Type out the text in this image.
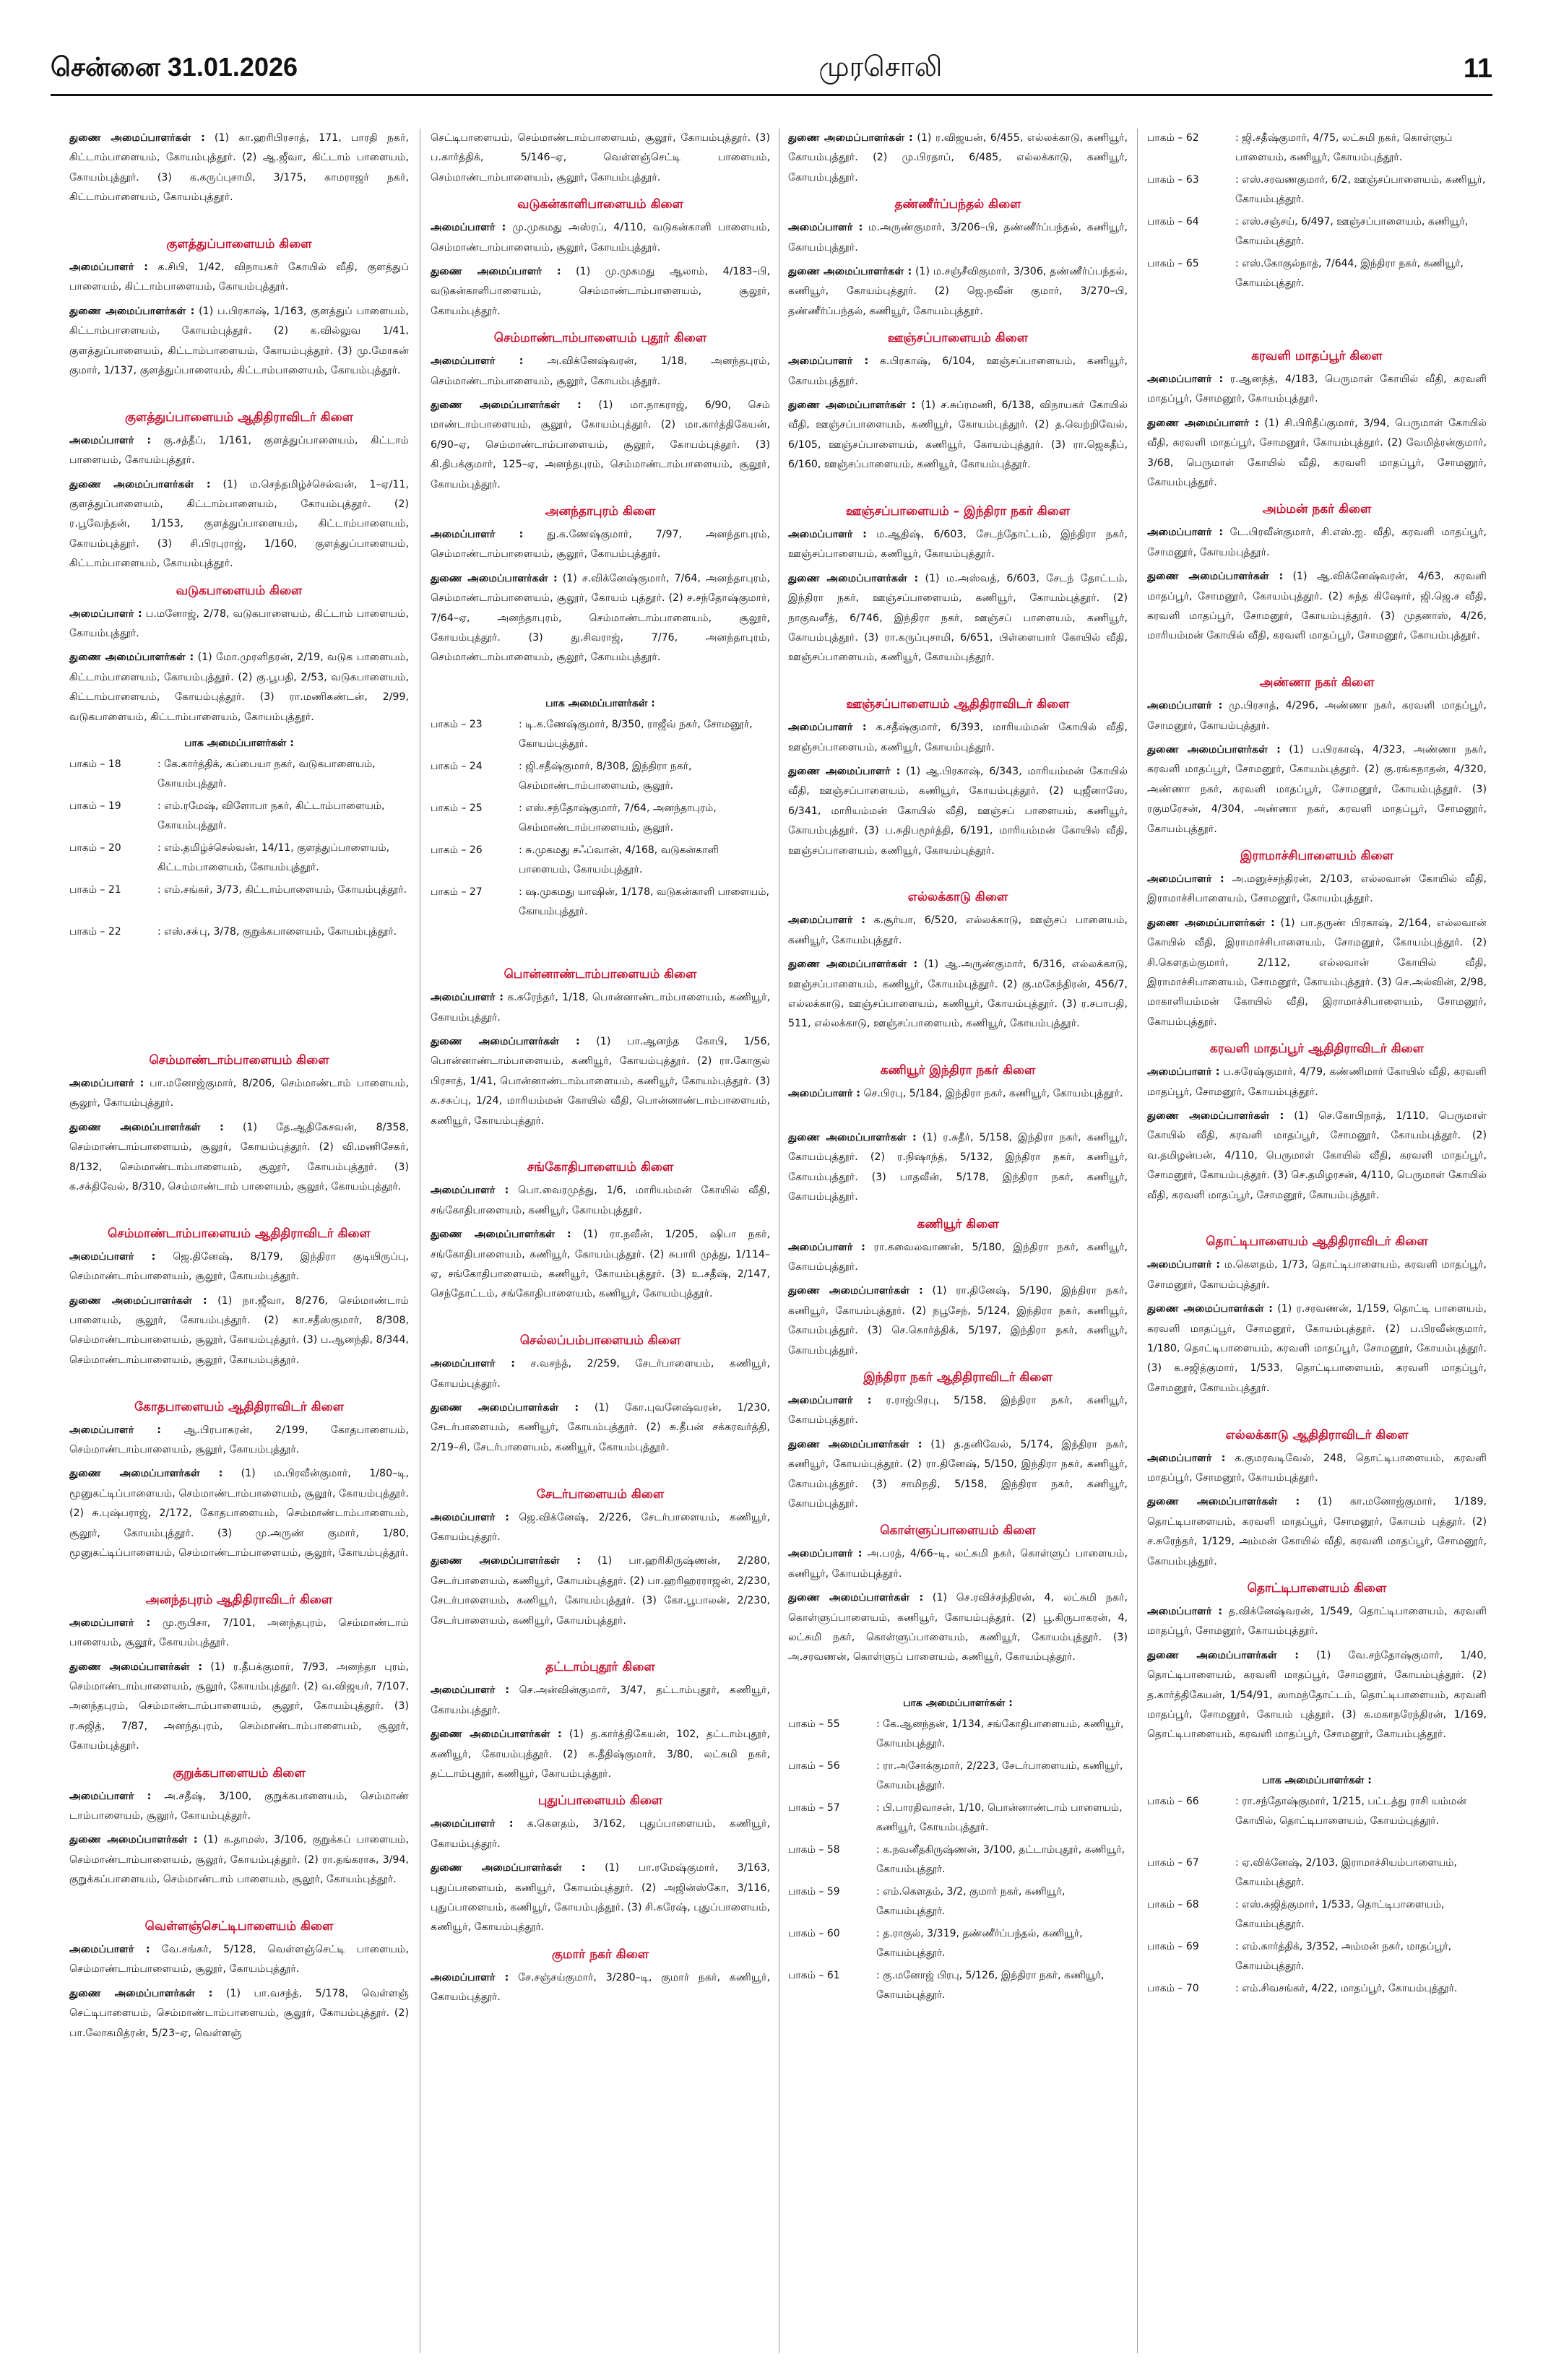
சென்னை 31.01.2026	முரசொலி	11

துணை அமைப்பாளர்கள் : (1) கா.ஹரிபிரசாத், 171, பாரதி நகர், கிட்டாம்பாளையம், கோயம்புத்தூர். (2) ஆ.ஜீவா, கிட்டாம் பாளையம், கோயம்புத்தூர். (3) க.கருப்புசாமி, 3/175, காமராஜர் நகர், கிட்டாம்பாளையம், கோயம்புத்தூர்.

குளத்துப்பாளையம் கிளை

அமைப்பாளர் : க.சிபி, 1/42, விநாயகர் கோயில் வீதி, குளத்துப் பாளையம், கிட்டாம்பாளையம், கோயம்புத்தூர்.

துணை அமைப்பாளர்கள் : (1) ப.பிரகாஷ், 1/163, குளத்துப் பாளையம், கிட்டாம்பாளையம், கோயம்புத்தூர். (2) க.வில்லுவ 1/41, குளத்துப்பாளையம், கிட்டாம்பாளையம், கோயம்புத்தூர். (3) மு.மோகன் குமார், 1/137, குளத்துப்பாளையம், கிட்டாம்பாளையம், கோயம்புத்தூர்.

குளத்துப்பாளையம் ஆதிதிராவிடர் கிளை

அமைப்பாளர் : கு.சத்தீப், 1/161, குளத்துப்பாளையம், கிட்டாம் பாளையம், கோயம்புத்தூர்.

துணை அமைப்பாளர்கள் : (1) ம.செந்தமிழ்ச்செல்வன், 1–ஏ/11, குளத்துப்பாளையம், கிட்டாம்பாளையம், கோயம்புத்தூர். (2) ர.பூவேந்தன், 1/153, குளத்துப்பாளையம், கிட்டாம்பாளையம், கோயம்புத்தூர். (3) சி.பிரபுராஜ், 1/160, குளத்துப்பாளையம், கிட்டாம்பாளையம், கோயம்புத்தூர்.

வடுகபாளையம் கிளை

அமைப்பாளர் : ப.மனோஜ், 2/78, வடுகபாளையம், கிட்டாம் பாளையம், கோயம்புத்தூர்.

துணை அமைப்பாளர்கள் : (1) மோ.முரளிதரன், 2/19, வடுக பாளையம், கிட்டாம்பாளையம், கோயம்புத்தூர். (2) கு.பூபதி, 2/53, வடுகபாளையம், கிட்டாம்பாளையம், கோயம்புத்தூர். (3) ரா.மணிகண்டன், 2/99, வடுகபாளையம், கிட்டாம்பாளையம், கோயம்புத்தூர்.

பாக அமைப்பாளர்கள் :
பாகம் – 18	: கே.கார்த்திக், கப்பையா நகர், வடுகபாளையம், கோயம்புத்தூர்.
பாகம் – 19	: எம்.ரமேஷ், விளோபா நகர், கிட்டாம்பாளையம், கோயம்புத்தூர்.
பாகம் – 20	: எம்.தமிழ்ச்செல்வன், 14/11, குளத்துப்பாளையம், கிட்டாம்பாளையம், கோயம்புத்தூர்.
பாகம் – 21	: எம்.சங்கர், 3/73, கிட்டாம்பாளையம், கோயம்புத்தூர்.
பாகம் – 22	: எஸ்.சசு்பு, 3/78, குறுக்கபாளையம், கோயம்புத்தூர்.
செம்மாண்டாம்பாளையம் கிளை

அமைப்பாளர் : பா.மனோஜ்குமார், 8/206, செம்மாண்டாம் பாளையம், சூலூர், கோயம்புத்தூர்.

துணை அமைப்பாளர்கள் : (1) தே.ஆதிகேசவன், 8/358, செம்மாண்டாம்பாளையம், சூலூர், கோயம்புத்தூர். (2) வி.மணிசேகர், 8/132, செம்மாண்டாம்பாளையம், சூலூர், கோயம்புத்தூர். (3) க.சக்திவேல், 8/310, செம்மாண்டாம் பாளையம், சூலூர், கோயம்புத்தூர்.

செம்மாண்டாம்பாளையம் ஆதிதிராவிடர் கிளை

அமைப்பாளர் : ஜெ.தினேஷ், 8/179, இந்திரா குடியிருப்பு, செம்மாண்டாம்பாளையம், சூலூர், கோயம்புத்தூர்.

துணை அமைப்பாளர்கள் : (1) நா.ஜீவா, 8/276, செம்மாண்டாம் பாளையம், சூலூர், கோயம்புத்தூர். (2) கா.சதீஸ்குமார், 8/308, செம்மாண்டாம்பாளையம், சூலூர், கோயம்புத்தூர். (3) ப.ஆனந்தி, 8/344, செம்மாண்டாம்பாளையம், சூலூர், கோயம்புத்தூர்.

கோதபாளையம் ஆதிதிராவிடர் கிளை

அமைப்பாளர் : ஆ.பிரபாகரன், 2/199, கோதபாளையம், செம்மாண்டாம்பாளையம், சூலூர், கோயம்புத்தூர்.

துணை அமைப்பாளர்கள் : (1) ம.பிரவீன்குமார், 1/80–டி, மூனுகட்டிப்பாளையம், செம்மாண்டாம்பாளையம், சூலூர், கோயம்புத்தூர். (2) சு.புஷ்பராஜ், 2/172, கோதபாளையம், செம்மாண்டாம்பாளையம், சூலூர், கோயம்புத்தூர். (3) மு.அருண் குமார், 1/80, மூனுகட்டிப்பாளையம், செம்மாண்டாம்பாளையம், சூலூர், கோயம்புத்தூர்.

அனந்தபுரம் ஆதிதிராவிடர் கிளை

அமைப்பாளர் : மு.ரூபிசா, 7/101, அனந்தபுரம், செம்மாண்டாம் பாளையம், சூலூர், கோயம்புத்தூர்.

துணை அமைப்பாளர்கள் : (1) ர.தீபக்குமார், 7/93, அனந்தா புரம், செம்மாண்டாம்பாளையம், சூலூர், கோயம்புத்தூர். (2) வ.விஜயர், 7/107, அனந்தபுரம், செம்மாண்டாம்பாளையம், சூலூர், கோயம்புத்தூர். (3) ர.சுஜித், 7/87, அனந்தபுரம், செம்மாண்டாம்பாளையம், சூலூர், கோயம்புத்தூர்.

குறுக்கபாளையம் கிளை

அமைப்பாளர் : அ.சதீஷ், 3/100, குறுக்கபாளையம், செம்மாண் டாம்பாளையம், சூலூர், கோயம்புத்தூர்.

துணை அமைப்பாளர்கள் : (1) க.தாமஸ், 3/106, குறுக்கப் பாளையம், செம்மாண்டாம்பாளையம், சூலூர், கோயம்புத்தூர். (2) ரா.தங்கராசு, 3/94, குறுக்கப்பாளையம், செம்மாண்டாம் பாளையம், சூலூர், கோயம்புத்தூர்.

வெள்ளஞ்செட்டிபாளையம் கிளை

அமைப்பாளர் : வே.சங்கர், 5/128, வெள்ளஞ்செட்டி பாளையம், செம்மாண்டாம்பாளையம், சூலூர், கோயம்புத்தூர்.

துணை அமைப்பாளர்கள் : (1) பா.வசந்த், 5/178, வெள்ளஞ் செட்டிபாளையம், செம்மாண்டாம்பாளையம், சூலூர், கோயம்புத்தூர். (2) பா.லோகமித்ரன், 5/23–ஏ, வெள்ளஞ்

செட்டிபாளையம், செம்மாண்டாம்பாளையம், சூலூர், கோயம்புத்தூர். (3) ப.கார்த்திக், 5/146–ஏ, வெள்ளஞ்செட்டி பாளையம், செம்மாண்டாம்பாளையம், சூலூர், கோயம்புத்தூர்.

வடுகன்காளிபாளையம் கிளை

அமைப்பாளர் : மு.முகமது அஸ்ரப், 4/110, வடுகன்காளி பாளையம், செம்மாண்டாம்பாளையம், சூலூர், கோயம்புத்தூர்.

துணை அமைப்பாளர் : (1) மு.முகமது ஆலாம், 4/183–பி, வடுகன்காளிபாளையம், செம்மாண்டாம்பாளையம், சூலூர், கோயம்புத்தூர்.

செம்மாண்டாம்பாளையம் புதூர் கிளை

அமைப்பாளர் : அ.விக்னேஷ்வரன், 1/18, அனந்தபுரம், செம்மாண்டாம்பாளையம், சூலூர், கோயம்புத்தூர்.

துணை அமைப்பாளர்கள் : (1) மா.நாகராஜ், 6/90, செம் மாண்டாம்பாளையம், சூலூர், கோயம்புத்தூர். (2) மா.கார்த்திகேயன், 6/90–ஏ, செம்மாண்டாம்பாளையம், சூலூர், கோயம்புத்தூர். (3) கி.திபக்குமார், 125–ஏ, அனந்தபுரம், செம்மாண்டாம்பாளையம், சூலூர், கோயம்புத்தூர்.

அனந்தாபுரம் கிளை

அமைப்பாளர் : து.க.ணேஷ்குமார், 7/97, அனந்தாபுரம், செம்மாண்டாம்பாளையம், சூலூர், கோயம்புத்தூர்.

துணை அமைப்பாளர்கள் : (1) ச.விக்னேஷ்குமார், 7/64, அனந்தாபுரம், செம்மாண்டாம்பாளையம், சூலூர், கோயம் புத்தூர். (2) ச.சந்தோஷ்குமார், 7/64–ஏ, அனந்தாபுரம், செம்மாண்டாம்பாளையம், சூலூர், கோயம்புத்தூர். (3) து.சிவராஜ், 7/76, அனந்தாபுரம், செம்மாண்டாம்பாளையம், சூலூர், கோயம்புத்தூர்.

பாக அமைப்பாளர்கள் :
பாகம் – 23	: டி.க.ணேஷ்குமார், 8/350, ராஜீவ் நகர், சோமனூர், கோயம்புத்தூர்.
பாகம் – 24	: ஜி.சதீஷ்குமார், 8/308, இந்திரா நகர், செம்மாண்டாம்பாளையம், சூலூர்.
பாகம் – 25	: எஸ்.சந்தோஷ்குமார், 7/64, அனந்தாபுரம், செம்மாண்டாம்பாளையம், சூலூர்.
பாகம் – 26	: சு.முகமது சஃப்வான், 4/168, வடுகன்காளி பாளையம், கோயம்புத்தூர்.
பாகம் – 27	: ஷ.முகமது யாஷின், 1/178, வடுகன்காளி பாளையம், கோயம்புத்தூர்.
பொன்னாண்டாம்பாளையம் கிளை

அமைப்பாளர் : க.சுரேந்தர், 1/18, பொன்னாண்டாம்பாளையம், கணியூர், கோயம்புத்தூர்.

துணை அமைப்பாளர்கள் : (1) பா.ஆனந்த கோபி, 1/56, பொன்னாண்டாம்பாளையம், கணியூர், கோயம்புத்தூர். (2) ரா.கோகுல் பிரசாத், 1/41, பொன்னாண்டாம்பாளையம், கணியூர், கோயம்புத்தூர். (3) க.சசுப்பு, 1/24, மாரியம்மன் கோயில் வீதி, பொன்னாண்டாம்பாளையம், கணியூர், கோயம்புத்தூர்.

சங்கோதிபாளையம் கிளை

அமைப்பாளர் : பொ.வைரமுத்து, 1/6, மாரியம்மன் கோயில் வீதி, சங்கோதிபாளையம், கணியூர், கோயம்புத்தூர்.

துணை அமைப்பாளர்கள் : (1) ரா.நவீன், 1/205, ஷிபா நகர், சங்கோதிபாளையம், கணியூர், கோயம்புத்தூர். (2) சுபாரி முத்து, 1/114–ஏ, சங்கோதிபாளையம், கணியூர், கோயம்புத்தூர். (3) உ.சதீஷ், 2/147, செந்தோட்டம், சங்கோதிபாளையம், கணியூர், கோயம்புத்தூர்.

செல்லப்பம்பாளையம் கிளை

அமைப்பாளர் : ச.வசந்த், 2/259, சேடர்பாளையம், கணியூர், கோயம்புத்தூர்.

துணை அமைப்பாளர்கள் : (1) கோ.புவனேஷ்வரன், 1/230, சேடர்பாளையம், கணியூர், கோயம்புத்தூர். (2) சு.தீபன் சக்கரவர்த்தி, 2/19–சி, சேடர்பாளையம், கணியூர், கோயம்புத்தூர்.

சேடர்பாளையம் கிளை

அமைப்பாளர் : ஜெ.விக்னேஷ், 2/226, சேடர்பாளையம், கணியூர், கோயம்புத்தூர்.

துணை அமைப்பாளர்கள் : (1) பா.ஹரிகிருஷ்ணன், 2/280, சேடர்பாளையம், கணியூர், கோயம்புத்தூர். (2) பா.ஹரிஹரராஜன், 2/230, சேடர்பாளையம், கணியூர், கோயம்புத்தூர். (3) கோ.பூபாலன், 2/230, சேடர்பாளையம், கணியூர், கோயம்புத்தூர்.

தட்டாம்புதூர் கிளை

அமைப்பாளர் : செ.அன்வின்குமார், 3/47, தட்டாம்புதூர், கணியூர், கோயம்புத்தூர்.

துணை அமைப்பாளர்கள் : (1) த.கார்த்திகேயன், 102, தட்டாம்புதூர், கணியூர், கோயம்புத்தூர். (2) க.தீதிஷ்குமார், 3/80, லட்சுமி நகர், தட்டாம்புதூர், கணியூர், கோயம்புத்தூர்.

புதுப்பாளையம் கிளை

அமைப்பாளர் : க.கௌதம், 3/162, புதுப்பாளையம், கணியூர், கோயம்புத்தூர்.

துணை அமைப்பாளர்கள் : (1) பா.ரமேஷ்குமார், 3/163, புதுப்பாளையம், கணியூர், கோயம்புத்தூர். (2) அஜின்ஸ்கோ, 3/116, புதுப்பாளையம், கணியூர், கோயம்புத்தூர். (3) சி.சுரேஷ், புதுப்பாளையம், கணியூர், கோயம்புத்தூர்.

குமார் நகர் கிளை

அமைப்பாளர் : சே.சஞ்சய்குமார், 3/280–டி, குமார் நகர், கணியூர், கோயம்புத்தூர்.

துணை அமைப்பாளர்கள் : (1) ர.விஜயன், 6/455, எல்லக்காடு, கணியூர், கோயம்புத்தூர். (2) மு.பிரதாப், 6/485, எல்லக்காடு, கணியூர், கோயம்புத்தூர்.

தண்ணீர்ப்பந்தல் கிளை

அமைப்பாளர் : ம.அருண்குமார், 3/206–பி, தண்ணீர்ப்பந்தல், கணியூர், கோயம்புத்தூர்.

துணை அமைப்பாளர்கள் : (1) ம.சஞ்சீவிகுமார், 3/306, தண்ணீர்ப்பந்தல், கணியூர், கோயம்புத்தூர். (2) ஜெ.நவீன் குமார், 3/270–பி, தண்ணீர்ப்பந்தல், கணியூர், கோயம்புத்தூர்.

ஊஞ்சப்பாளையம் கிளை

அமைப்பாளர் : க.பிரகாஷ், 6/104, ஊஞ்சப்பாளையம், கணியூர், கோயம்புத்தூர்.

துணை அமைப்பாளர்கள் : (1) ச.சுப்ரமணி, 6/138, விநாயகர் கோயில் வீதி, ஊஞ்சப்பாளையம், கணியூர், கோயம்புத்தூர். (2) த.வெற்றிவேல், 6/105, ஊஞ்சப்பாளையம், கணியூர், கோயம்புத்தூர். (3) ரா.ஜெகதீப், 6/160, ஊஞ்சப்பாளையம், கணியூர், கோயம்புத்தூர்.

ஊஞ்சப்பாளையம் – இந்திரா நகர் கிளை

அமைப்பாளர் : ம.ஆதிஷ், 6/603, சேடந்தோட்டம், இந்திரா நகர், ஊஞ்சப்பாளையம், கணியூர், கோயம்புத்தூர்.

துணை அமைப்பாளர்கள் : (1) ம.அஸ்வத், 6/603, சேடந் தோட்டம், இந்திரா நகர், ஊஞ்சப்பாளையம், கணியூர், கோயம்புத்தூர். (2) நாகுவளீத், 6/746, இந்திரா நகர், ஊஞ்சப் பாளையம், கணியூர், கோயம்புத்தூர். (3) ரா.கருப்புசாமி, 6/651, பிள்ளையார் கோயில் வீதி, ஊஞ்சப்பாளையம், கணியூர், கோயம்புத்தூர்.

ஊஞ்சப்பாளையம் ஆதிதிராவிடர் கிளை

அமைப்பாளர் : க.சதீஷ்குமார், 6/393, மாரியம்மன் கோயில் வீதி, ஊஞ்சப்பாளையம், கணியூர், கோயம்புத்தூர்.

துணை அமைப்பாளர் : (1) ஆ.பிரகாஷ், 6/343, மாரியம்மன் கோயில் வீதி, ஊஞ்சப்பாளையம், கணியூர், கோயம்புத்தூர். (2) யுஜீனாஸே, 6/341, மாரியம்மன் கோயில் வீதி, ஊஞ்சப் பாளையம், கணியூர், கோயம்புத்தூர். (3) ப.சுதிபமூர்த்தி, 6/191, மாரியம்மன் கோயில் வீதி, ஊஞ்சப்பாளையம், கணியூர், கோயம்புத்தூர்.

எல்லக்காடு கிளை

அமைப்பாளர் : க.சூர்யா, 6/520, எல்லக்காடு, ஊஞ்சப் பாளையம், கணியூர், கோயம்புத்தூர்.

துணை அமைப்பாளர்கள் : (1) ஆ.அருண்குமார், 6/316, எல்லக்காடு, ஊஞ்சப்பாளையம், கணியூர், கோயம்புத்தூர். (2) கு.மகேந்திரன், 456/7, எல்லக்காடு, ஊஞ்சப்பாளையம், கணியூர், கோயம்புத்தூர். (3) ர.சபாபதி, 511, எல்லக்காடு, ஊஞ்சப்பாளையம், கணியூர், கோயம்புத்தூர்.

கணியூர் இந்திரா நகர் கிளை

அமைப்பாளர் : செ.பிரபு, 5/184, இந்திரா நகர், கணியூர், கோயம்புத்தூர்.

துணை அமைப்பாளர்கள் : (1) ர.சுதீர், 5/158, இந்திரா நகர், கணியூர், கோயம்புத்தூர். (2) ர.நிஷாந்த், 5/132, இந்திரா நகர், கணியூர், கோயம்புத்தூர். (3) பாதவீன், 5/178, இந்திரா நகர், கணியூர், கோயம்புத்தூர்.

கணியூர் கிளை

அமைப்பாளர் : ரா.கவைலவாணன், 5/180, இந்திரா நகர், கணியூர், கோயம்புத்தூர்.

துணை அமைப்பாளர்கள் : (1) ரா.தினேஷ், 5/190, இந்திரா நகர், கணியூர், கோயம்புத்தூர். (2) நபூசேந், 5/124, இந்திரா நகர், கணியூர், கோயம்புத்தூர். (3) செ.கொர்த்திக், 5/197, இந்திரா நகர், கணியூர், கோயம்புத்தூர்.

இந்திரா நகர் ஆதிதிராவிடர் கிளை

அமைப்பாளர் : ர.ராஜ்பிரபு, 5/158, இந்திரா நகர், கணியூர், கோயம்புத்தூர்.

துணை அமைப்பாளர்கள் : (1) த.தனிவேல், 5/174, இந்திரா நகர், கணியூர், கோயம்புத்தூர். (2) ரா.தினேஷ், 5/150, இந்திரா நகர், கணியூர், கோயம்புத்தூர். (3) சாமிநதி, 5/158, இந்திரா நகர், கணியூர், கோயம்புத்தூர்.

கொள்ளுப்பாளையம் கிளை

அமைப்பாளர் : அ.பரத், 4/66–டி, லட்சுமி நகர், கொள்ளுப் பாளையம், கணியூர், கோயம்புத்தூர்.

துணை அமைப்பாளர்கள் : (1) செ.ரவிச்சந்திரன், 4, லட்சுமி நகர், கொள்ளுப்பாளையம், கணியூர், கோயம்புத்தூர். (2) பூ.கிருபாகரன், 4, லட்சுமி நகர், கொள்ளுப்பாளையம், கணியூர், கோயம்புத்தூர். (3) அ.சரவணன், கொள்ளுப் பாளையம், கணியூர், கோயம்புத்தூர்.

பாக அமைப்பாளர்கள் :
பாகம் – 55	: கே.ஆனந்தன், 1/134, சங்கோதிபாளையம், கணியூர், கோயம்புத்தூர்.
பாகம் – 56	: ரா.அசோக்குமார், 2/223, சேடர்பாளையம், கணியூர், கோயம்புத்தூர்.
பாகம் – 57	: பி.பாரதிவாசன், 1/10, பொன்னாண்டாம் பாளையம், கணியூர், கோயம்புத்தூர்.
பாகம் – 58	: க.நவனீதகிருஷ்ணன், 3/100, தட்டாம்புதூர், கணியூர், கோயம்புத்தூர்.
பாகம் – 59	: எம்.கௌதம், 3/2, குமார் நகர், கணியூர், கோயம்புத்தூர்.
பாகம் – 60	: த.ராகுல், 3/319, தண்ணீர்ப்பந்தல், கணியூர், கோயம்புத்தூர்.
பாகம் – 61	: கு.மனோஜ் பிரபு, 5/126, இந்திரா நகர், கணியூர், கோயம்புத்தூர்.
பாகம் – 62	: ஜி.சதீஷ்குமார், 4/75, லட்சுமி நகர், கொள்ளுப் பாளையம், கணியூர், கோயம்புத்தூர்.
பாகம் – 63	: எஸ்.சரவணகுமார், 6/2, ஊஞ்சப்பாளையம், கணியூர், கோயம்புத்தூர்.
பாகம் – 64	: எஸ்.சஞ்சய், 6/497, ஊஞ்சப்பாளையம், கணியூர், கோயம்புத்தூர்.
பாகம் – 65	: எஸ்.கோகுல்நாத், 7/644, இந்திரா நகர், கணியூர், கோயம்புத்தூர்.
கரவளி மாதப்பூர் கிளை

அமைப்பாளர் : ர.ஆனந்த், 4/183, பெருமாள் கோயில் வீதி, கரவளி மாதப்பூர், சோமனூர், கோயம்புத்தூர்.

துணை அமைப்பாளர் : (1) சி.பிரிதீப்குமார், 3/94, பெருமாள் கோயில் வீதி, கரவளி மாதப்பூர், சோமனூர், கோயம்புத்தூர். (2) வேமித்ரன்குமார், 3/68, பெருமாள் கோயில் வீதி, கரவளி மாதப்பூர், சோமனூர், கோயம்புத்தூர்.

அம்மன் நகர் கிளை

அமைப்பாளர் : டே.பிரவீன்குமார், சி.எஸ்.ஐ. வீதி, கரவளி மாதப்பூர், சோமனூர், கோயம்புத்தூர்.

துணை அமைப்பாளர்கள் : (1) ஆ.விக்னேஷ்வரன், 4/63, கரவளி மாதப்பூர், சோமனூர், கோயம்புத்தூர். (2) சுந்த கிஷோர், ஜி.ஜெ.ச வீதி, கரவளி மாதப்பூர், சோமனூர், கோயம்புத்தூர். (3) முதனாஸ், 4/26, மாரியம்மன் கோயில் வீதி, கரவளி மாதப்பூர், சோமனூர், கோயம்புத்தூர்.

அண்ணா நகர் கிளை

அமைப்பாளர் : மு.பிரசாத், 4/296, அண்ணா நகர், கரவளி மாதப்பூர், சோமனூர், கோயம்புத்தூர்.

துணை அமைப்பாளர்கள் : (1) ப.பிரகாஷ், 4/323, அண்ணா நகர், கரவளி மாதப்பூர், சோமனூர், கோயம்புத்தூர். (2) கு.ரங்கநாதன், 4/320, அண்ணா நகர், கரவளி மாதப்பூர், சோமனூர், கோயம்புத்தூர். (3) ரகுமரேசன், 4/304, அண்ணா நகர், கரவளி மாதப்பூர், சோமனூர், கோயம்புத்தூர்.

இராமாச்சிபாளையம் கிளை

அமைப்பாளர் : அ.மனுச்சந்திரன், 2/103, எல்லவான் கோயில் வீதி, இராமாச்சிபாளையம், சோமனூர், கோயம்புத்தூர்.

துணை அமைப்பாளர்கள் : (1) பா.தருண் பிரகாஷ், 2/164, எல்லவான் கோயில் வீதி, இராமாச்சிபாளையம், சோமனூர், கோயம்புத்தூர். (2) சி.கௌதம்குமார், 2/112, எல்லவான் கோயில் வீதி, இராமாச்சிபாளையம், சோமனூர், கோயம்புத்தூர். (3) செ.அல்வின், 2/98, மாகாளியம்மன் கோயில் வீதி, இராமாச்சிபாளையம், சோமனூர், கோயம்புத்தூர்.

கரவளி மாதப்பூர் ஆதிதிராவிடர் கிளை

அமைப்பாளர் : ப.சுரேஷ்குமார், 4/79, கண்ணிமார் கோயில் வீதி, கரவளி மாதப்பூர், சோமனூர், கோயம்புத்தூர்.

துணை அமைப்பாளர்கள் : (1) செ.கோபிநாத், 1/110, பெருமாள் கோயில் வீதி, கரவளி மாதப்பூர், சோமனூர், கோயம்புத்தூர். (2) வ.தமிழன்பன், 4/110, பெருமாள் கோயில் வீதி, கரவளி மாதப்பூர், சோமனூர், கோயம்புத்தூர். (3) செ.தமிழரசன், 4/110, பெருமாள் கோயில் வீதி, கரவளி மாதப்பூர், சோமனூர், கோயம்புத்தூர்.

தொட்டிபாளையம் ஆதிதிராவிடர் கிளை

அமைப்பாளர் : ம.கௌதம், 1/73, தொட்டிபாளையம், கரவளி மாதப்பூர், சோமனூர், கோயம்புத்தூர்.

துணை அமைப்பாளர்கள் : (1) ர.சரவணன், 1/159, தொட்டி பாளையம், கரவளி மாதப்பூர், சோமனூர், கோயம்புத்தூர். (2) ப.பிரவீன்குமார், 1/180, தொட்டிபாளையம், கரவளி மாதப்பூர், சோமனூர், கோயம்புத்தூர். (3) க.சஜித்குமார், 1/533, தொட்டிபாளையம், கரவளி மாதப்பூர், சோமனூர், கோயம்புத்தூர்.

எல்லக்காடு ஆதிதிராவிடர் கிளை

அமைப்பாளர் : க.குமரவடிவேல், 248, தொட்டிபாளையம், கரவளி மாதப்பூர், சோமனூர், கோயம்புத்தூர்.

துணை அமைப்பாளர்கள் : (1) கா.மனோஜ்குமார், 1/189, தொட்டிபாளையம், கரவளி மாதப்பூர், சோமனூர், கோயம் புத்தூர். (2) ச.சுரேந்தர், 1/129, அம்மன் கோயில் வீதி, கரவளி மாதப்பூர், சோமனூர், கோயம்புத்தூர்.

தொட்டிபாளையம் கிளை

அமைப்பாளர் : த.விக்னேஷ்வரன், 1/549, தொட்டிபாளையம், கரவளி மாதப்பூர், சோமனூர், கோயம்புத்தூர்.

துணை அமைப்பாளர்கள் : (1) வே.சந்தோஷ்குமார், 1/40, தொட்டிபாளையம், கரவளி மாதப்பூர், சோமனூர், கோயம்புத்தூர். (2) த.கார்த்திகேயன், 1/54/91, ஸாமந்தோட்டம், தொட்டிபாளையம், கரவளி மாதப்பூர், சோமனூர், கோயம் புத்தூர். (3) க.மகாநரேந்திரன், 1/169, தொட்டிபாளையம், கரவளி மாதப்பூர், சோமனூர், கோயம்புத்தூர்.

பாக அமைப்பாளர்கள் :
பாகம் – 66	: ரா.சந்தோஷ்குமார், 1/215, பட்டத்து ராசி யம்மன் கோயில், தொட்டிபாளையம், கோயம்புத்தூர்.
பாகம் – 67	: ஏ.விக்னேஷ், 2/103, இராமாச்சியம்பாளையம், கோயம்புத்தூர்.
பாகம் – 68	: எஸ்.சுஜித்குமார், 1/533, தொட்டிபாளையம், கோயம்புத்தூர்.
பாகம் – 69	: எம்.கார்த்திக், 3/352, அம்மன் நகர், மாதப்பூர், கோயம்புத்தூர்.
பாகம் – 70	: எம்.சிவசங்கர், 4/22, மாதப்பூர், கோயம்புத்தூர்.
